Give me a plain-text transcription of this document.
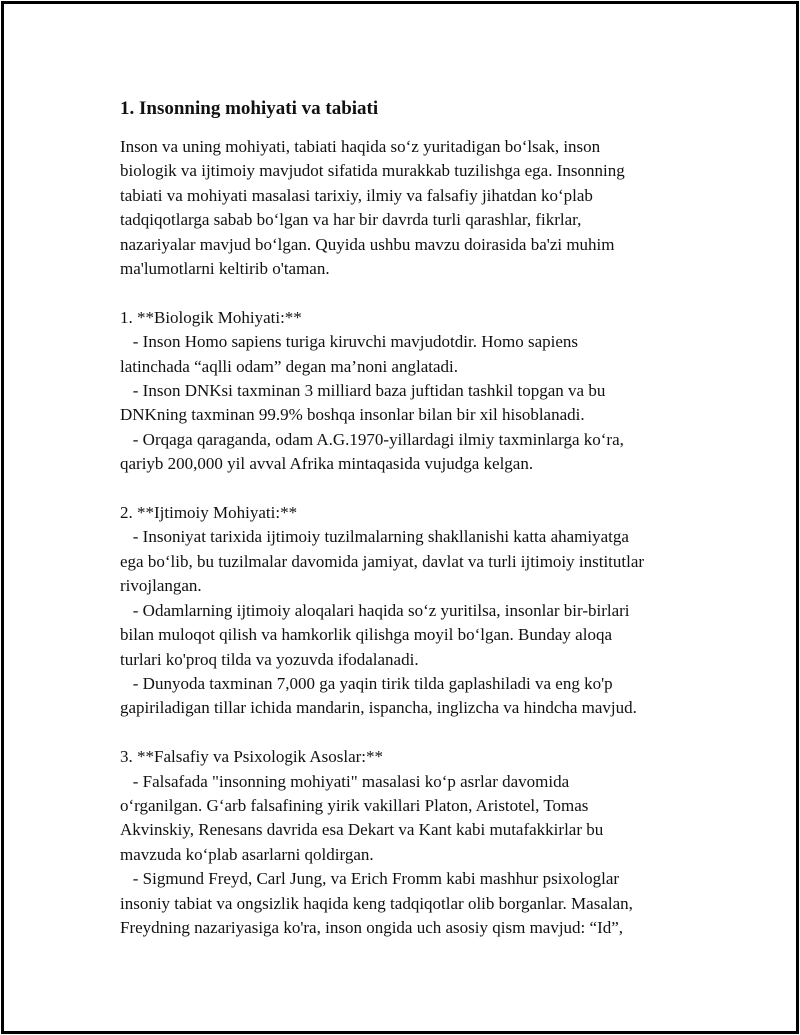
1. Insonning mohiyati va tabiati
Inson va uning mohiyati, tabiati haqida so‘z yuritadigan bo‘lsak, inson
biologik va ijtimoiy mavjudot sifatida murakkab tuzilishga ega. Insonning
tabiati va mohiyati masalasi tarixiy, ilmiy va falsafiy jihatdan ko‘plab
tadqiqotlarga sabab bo‘lgan va har bir davrda turli qarashlar, fikrlar,
nazariyalar mavjud bo‘lgan. Quyida ushbu mavzu doirasida ba'zi muhim
ma'lumotlarni keltirib o'taman.
1. **Biologik Mohiyati:**
- Inson Homo sapiens turiga kiruvchi mavjudotdir. Homo sapiens
latinchada “aqlli odam” degan ma’noni anglatadi.
- Inson DNKsi taxminan 3 milliard baza juftidan tashkil topgan va bu
DNKning taxminan 99.9% boshqa insonlar bilan bir xil hisoblanadi.
- Orqaga qaraganda, odam A.G.1970-yillardagi ilmiy taxminlarga ko‘ra,
qariyb 200,000 yil avval Afrika mintaqasida vujudga kelgan.
2. **Ijtimoiy Mohiyati:**
- Insoniyat tarixida ijtimoiy tuzilmalarning shakllanishi katta ahamiyatga
ega bo‘lib, bu tuzilmalar davomida jamiyat, davlat va turli ijtimoiy institutlar
rivojlangan.
- Odamlarning ijtimoiy aloqalari haqida so‘z yuritilsa, insonlar bir-birlari
bilan muloqot qilish va hamkorlik qilishga moyil bo‘lgan. Bunday aloqa
turlari ko'proq tilda va yozuvda ifodalanadi.
- Dunyoda taxminan 7,000 ga yaqin tirik tilda gaplashiladi va eng ko'p
gapiriladigan tillar ichida mandarin, ispancha, inglizcha va hindcha mavjud.
3. **Falsafiy va Psixologik Asoslar:**
- Falsafada "insonning mohiyati" masalasi ko‘p asrlar davomida
o‘rganilgan. G‘arb falsafining yirik vakillari Platon, Aristotel, Tomas
Akvinskiy, Renesans davrida esa Dekart va Kant kabi mutafakkirlar bu
mavzuda ko‘plab asarlarni qoldirgan.
- Sigmund Freyd, Carl Jung, va Erich Fromm kabi mashhur psixologlar
insoniy tabiat va ongsizlik haqida keng tadqiqotlar olib borganlar. Masalan,
Freydning nazariyasiga ko'ra, inson ongida uch asosiy qism mavjud: “Id”,
